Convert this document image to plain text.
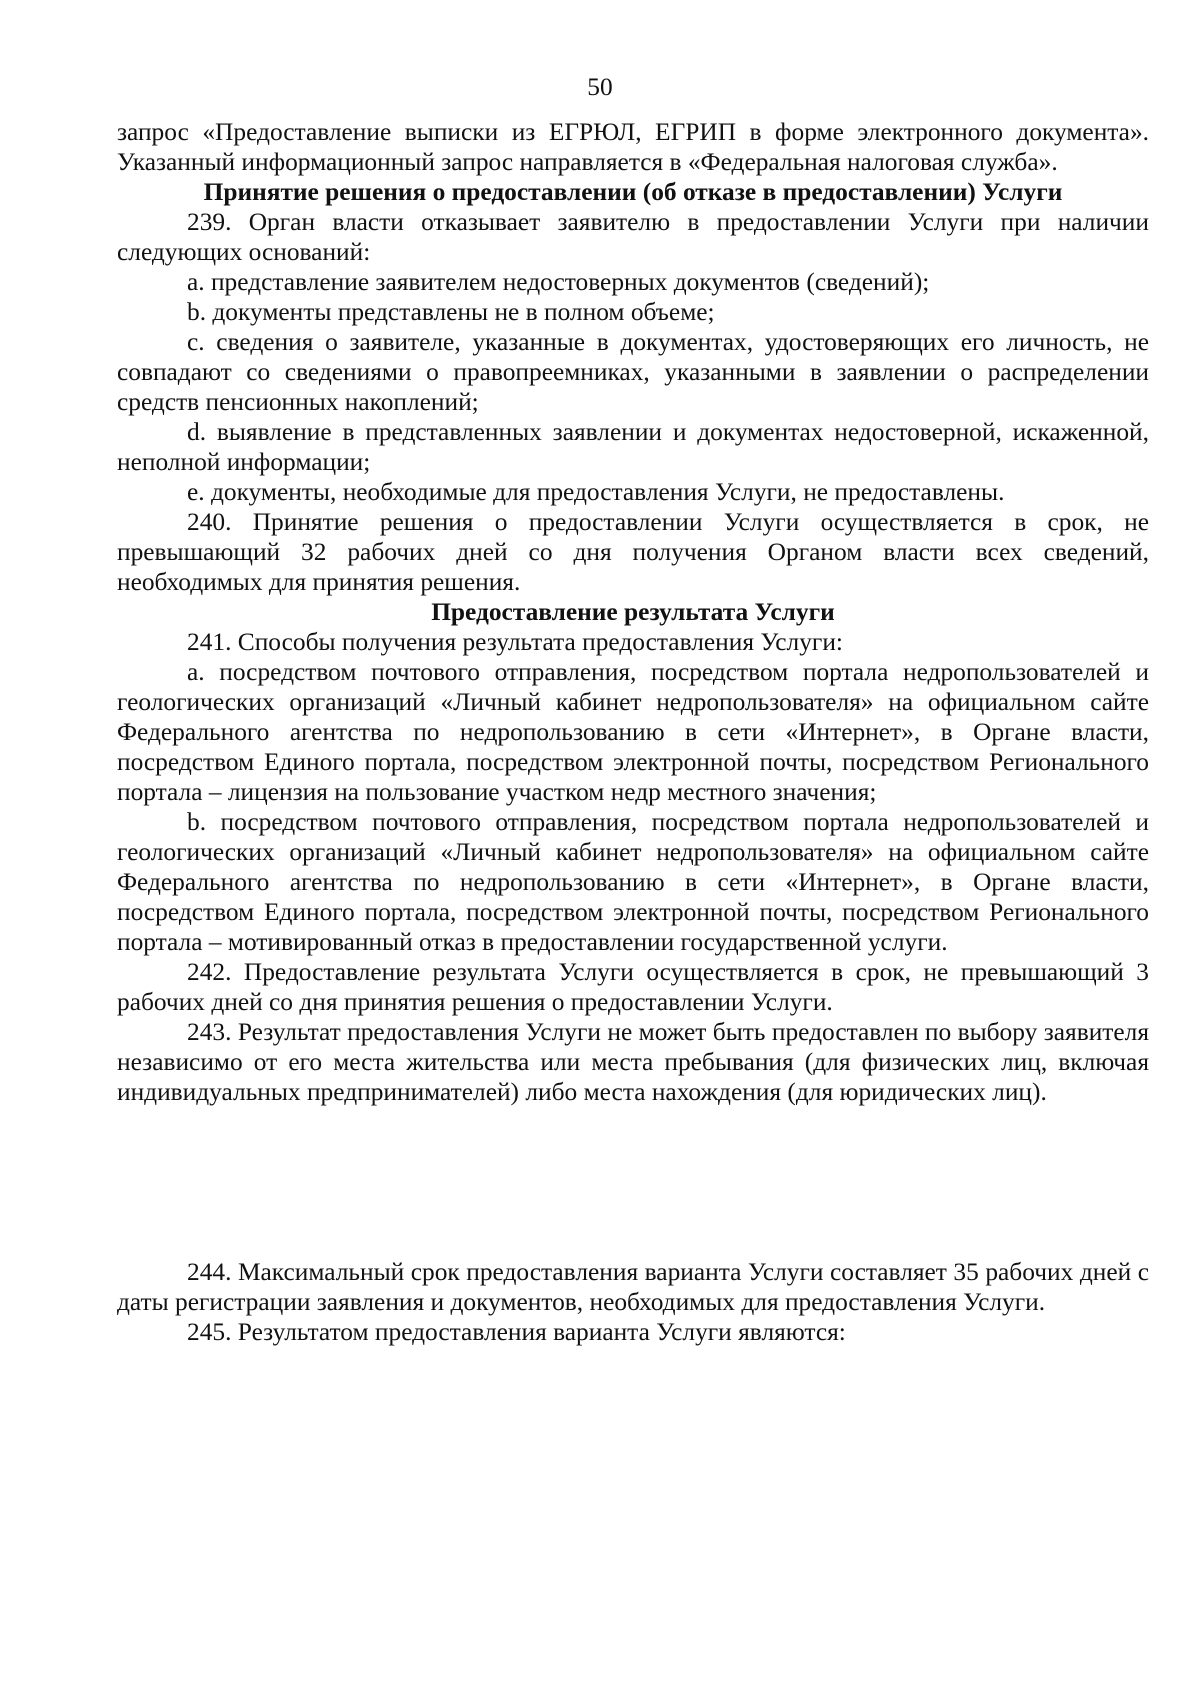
50

запрос «Предоставление выписки из ЕГРЮЛ, ЕГРИП в форме электронного документа». Указанный информационный запрос направляется в «Федеральная налоговая служба».

Принятие решения о предоставлении (об отказе в предоставлении) Услуги

239. Орган власти отказывает заявителю в предоставлении Услуги при наличии следующих оснований:

a. представление заявителем недостоверных документов (сведений);

b. документы представлены не в полном объеме;

c. сведения о заявителе, указанные в документах, удостоверяющих его личность, не совпадают со сведениями о правопреемниках, указанными в заявлении о распределении средств пенсионных накоплений;

d. выявление в представленных заявлении и документах недостоверной, искаженной, неполной информации;

e. документы, необходимые для предоставления Услуги, не предоставлены.

240. Принятие решения о предоставлении Услуги осуществляется в срок, не превышающий 32 рабочих дней со дня получения Органом власти всех сведений, необходимых для принятия решения.

Предоставление результата Услуги

241. Способы получения результата предоставления Услуги:

a. посредством почтового отправления, посредством портала недропользователей и геологических организаций «Личный кабинет недропользователя» на официальном сайте Федерального агентства по недропользованию в сети «Интернет», в Органе власти, посредством Единого портала, посредством электронной почты, посредством Регионального портала – лицензия на пользование участком недр местного значения;

b. посредством почтового отправления, посредством портала недропользователей и геологических организаций «Личный кабинет недропользователя» на официальном сайте Федерального агентства по недропользованию в сети «Интернет», в Органе власти, посредством Единого портала, посредством электронной почты, посредством Регионального портала – мотивированный отказ в предоставлении государственной услуги.

242. Предоставление результата Услуги осуществляется в срок, не превышающий 3 рабочих дней со дня принятия решения о предоставлении Услуги.

243. Результат предоставления Услуги не может быть предоставлен по выбору заявителя независимо от его места жительства или места пребывания (для физических лиц, включая индивидуальных предпринимателей) либо места нахождения (для юридических лиц).

244. Максимальный срок предоставления варианта Услуги составляет 35 рабочих дней с даты регистрации заявления и документов, необходимых для предоставления Услуги.

245. Результатом предоставления варианта Услуги являются:
